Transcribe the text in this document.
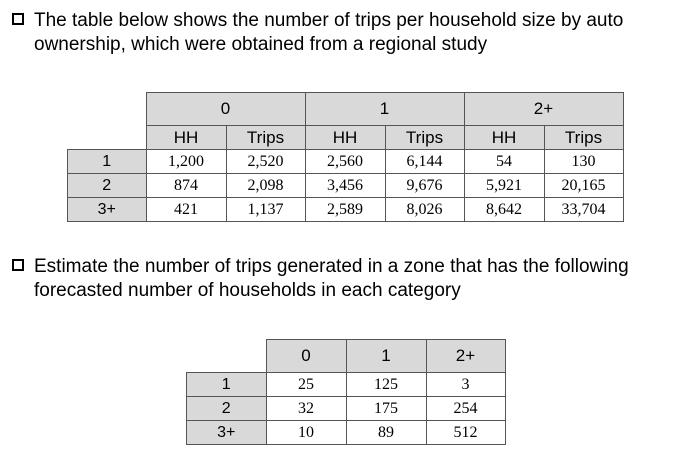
The table below shows the number of trips per household size by auto ownership, which were obtained from a regional study
	0		1		2+	
	HH	Trips	HH	Trips	HH	Trips
1	1,200	2,520	2,560	6,144	54	130
2	874	2,098	3,456	9,676	5,921	20,165
3+	421	1,137	2,589	8,026	8,642	33,704
Estimate the number of trips generated in a zone that has the following forecasted number of households in each category
	0	1	2+
1	25	125	3
2	32	175	254
3+	10	89	512
